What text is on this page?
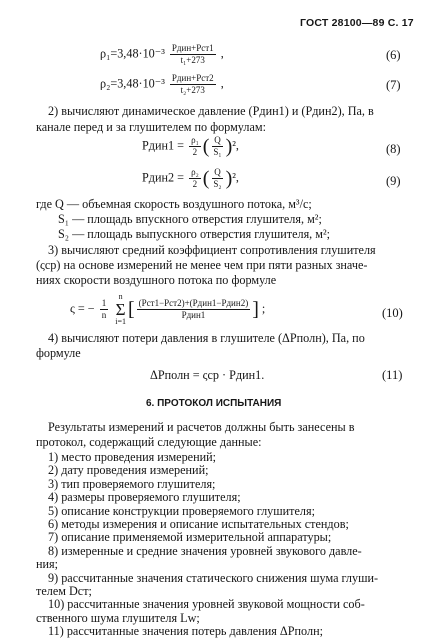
ГОСТ 28100—89 С. 17
$\rho_1=3,48\cdot 10^{-3} \frac{\text{Pдин+Pст1}}{\text{t₁+273}}$ ,	(6)
$\rho_2=3,48\cdot 10^{-3} \frac{\text{Pдин+Pст2}}{\text{t₂+273}}$ ,	(7)
2) вычисляют динамическое давление (Pдин1) и (Pдин2), Па, в
канале перед и за глушителем по формулам:
Pдин1 = $\frac{\text{ρ₁}}{2}$ ( $\frac{Q}{\text{S₁}} )^2$,	(8)
Pдин2 = $\frac{\text{ρ₂}}{2}$ ( $\frac{Q}{\text{S₂}} )^2$,	(9)
где Q — объемная скорость воздушного потока, м³/с;
S₁ — площадь впускного отверстия глушителя, м²;
S₂ — площадь выпускного отверстия глушителя, м²;
3) вычисляют средний коэффициент сопротивления глушителя
(ςср) на основе измерений не менее чем при пяти разных значе-
ниях скорости воздушного потока по формуле
ς = − $\frac{1}{n}$

n
Σ
i=1
[ $\frac{\text{(Pст1−Pст2)+(Pдин1−Pдин2)}}{\text{Pдин1}}$ ] ;	(10)
4) вычисляют потери давления в глушителе (ΔPполн), Па, по
формуле
ΔPполн = ςср · Pдин1.	(11)
6. ПРОТОКОЛ ИСПЫТАНИЯ
Результаты измерений и расчетов должны быть занесены в
протокол, содержащий следующие данные:
1) место проведения измерений;
2) дату проведения измерений;
3) тип проверяемого глушителя;
4) размеры проверяемого глушителя;
5) описание конструкции проверяемого глушителя;
6) методы измерения и описание испытательных стендов;
7) описание применяемой измерительной аппаратуры;
8) измеренные и средние значения уровней звукового давле-
ния;
9) рассчитанные значения статического снижения шума глуши-
телем Dст;
10) рассчитанные значения уровней звуковой мощности соб-
ственного шума глушителя Lw;
11) рассчитанные значения потерь давления ΔPполн;
